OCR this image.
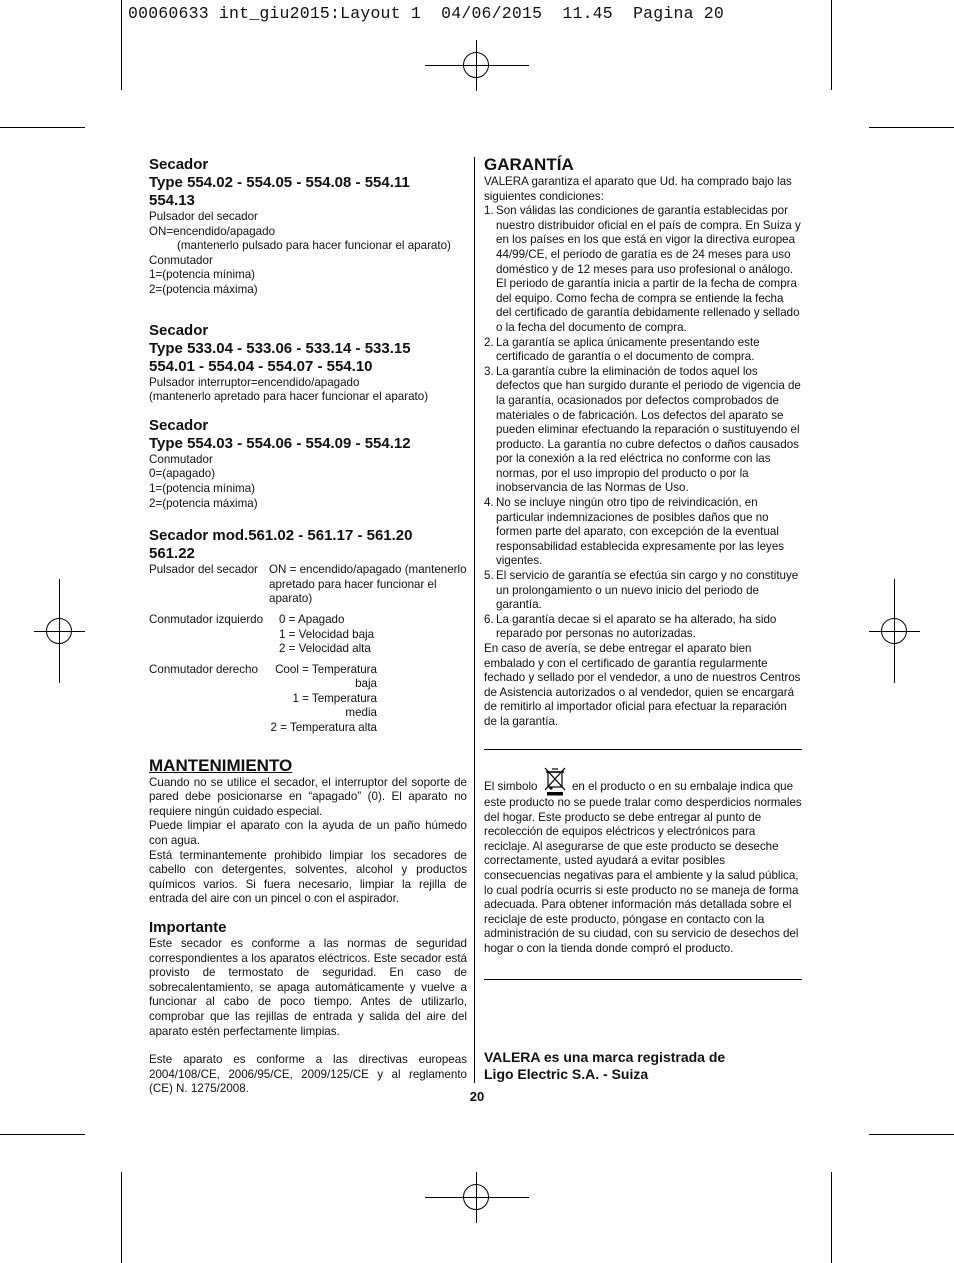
00060633 int_giu2015:Layout 1  04/06/2015  11.45  Pagina 20

Secador

Type 554.02 - 554.05 - 554.08 - 554.11 554.13

Pulsador del secador

ON=encendido/apagado

(mantenerlo pulsado para hacer funcionar el aparato)

Conmutador

1=(potencia mínima)

2=(potencia máxima)

Secador

Type 533.04 - 533.06 - 533.14 - 533.15 554.01 - 554.04 - 554.07 - 554.10

Pulsador interruptor=encendido/apagado

(mantenerlo apretado para hacer funcionar el aparato)

Secador

Type 554.03 - 554.06 - 554.09 - 554.12

Conmutador

0=(apagado)

1=(potencia mínima)

2=(potencia máxima)

Secador mod.561.02 - 561.17 - 561.20 561.22

Pulsador del secador ON = encendido/apagado (mantenerlo apretado para hacer funcionar el aparato)
Conmutador izquierdo	0 = Apagado

1 = Velocidad baja

2 = Velocidad alta

Conmutador derecho	Cool = Temperatura baja

1 = Temperatura media

2 = Temperatura alta

MANTENIMIENTO

Cuando no se utilice el secador, el interruptor del soporte de pared debe posicionarse en “apagado” (0). El aparato no requiere ningún cuidado especial.

Puede limpiar el aparato con la ayuda de un paño húmedo con agua.

Está terminantemente prohibido limpiar los secadores de cabello con detergentes, solventes, alcohol y productos químicos varios. Si fuera necesario, limpiar la rejilla de entrada del aire con un pincel o con el aspirador.

Importante

Este secador es conforme a las normas de seguridad correspondientes a los aparatos eléctricos. Este secador está provisto de termostato de seguridad. En caso de sobrecalentamiento, se apaga automáticamente y vuelve a funcionar al cabo de poco tiempo. Antes de utilizarlo, comprobar que las rejillas de entrada y salida del aire del aparato estén perfectamente limpias.

Este aparato es conforme a las directivas europeas 2004/108/CE, 2006/95/CE, 2009/125/CE y al reglamento (CE) N. 1275/2008.

GARANTÍA

VALERA garantiza el aparato que Ud. ha comprado bajo las siguientes condiciones:

1. Son válidas las condiciones de garantía establecidas por nuestro distribuidor oficial en el país de compra. En Suiza y en los países en los que está en vigor la directiva europea 44/99/CE, el periodo de garatía es de 24 meses para uso doméstico y de 12 meses para uso profesional o análogo. El periodo de garantía inicia a partir de la fecha de compra del equipo. Como fecha de compra se entiende la fecha del certificado de garantía debidamente rellenado y sellado o la fecha del documento de compra.
2. La garantía se aplica únicamente presentando este certificado de garantía o el documento de compra.
3. La garantía cubre la eliminación de todos aquel los defectos que han surgido durante el periodo de vigencia de la garantía, ocasionados por defectos comprobados de materiales o de fabricación. Los defectos del aparato se pueden eliminar efectuando la reparación o sustituyendo el producto. La garantía no cubre defectos o daños causados por la conexión a la red eléctrica no conforme con las normas, por el uso impropio del producto o por la inobservancia de las Normas de Uso.
4. No se incluye ningún otro tipo de reivindicación, en particular indemnizaciones de posibles daños que no formen parte del aparato, con excepción de la eventual responsabilidad establecida expresamente por las leyes vigentes.
5. El servicio de garantía se efectúa sin cargo y no constituye un prolongamiento o un nuevo inicio del periodo de garantía.
6. La garantía decae si el aparato se ha alterado, ha sido reparado por personas no autorizadas.

En caso de avería, se debe entregar el aparato bien embalado y con el certificado de garantía regularmente fechado y sellado por el vendedor, a uno de nuestros Centros de Asistencia autorizados o al vendedor, quien se encargará de remitirlo al importador oficial para efectuar la reparación de la garantía.

El simbolo	en el producto o en su embalaje indica que este producto no se puede tralar como desperdicios normales del hogar. Este producto se debe entregar al punto de recolección de equipos eléctricos y electrónicos para reciclaje. Al asegurarse de que este producto se deseche correctamente, usted ayudará a evitar posibles consecuencias negativas para el ambiente y la salud pública, lo cual podría ocurris si este producto no se maneja de forma adecuada. Para obtener información más detallada sobre el reciclaje de este producto, póngase en contacto con la administración de su ciudad, con su servicio de desechos del hogar o con la tienda donde compró el producto.

VALERA es una marca registrada de

Ligo Electric S.A. - Suiza

20
